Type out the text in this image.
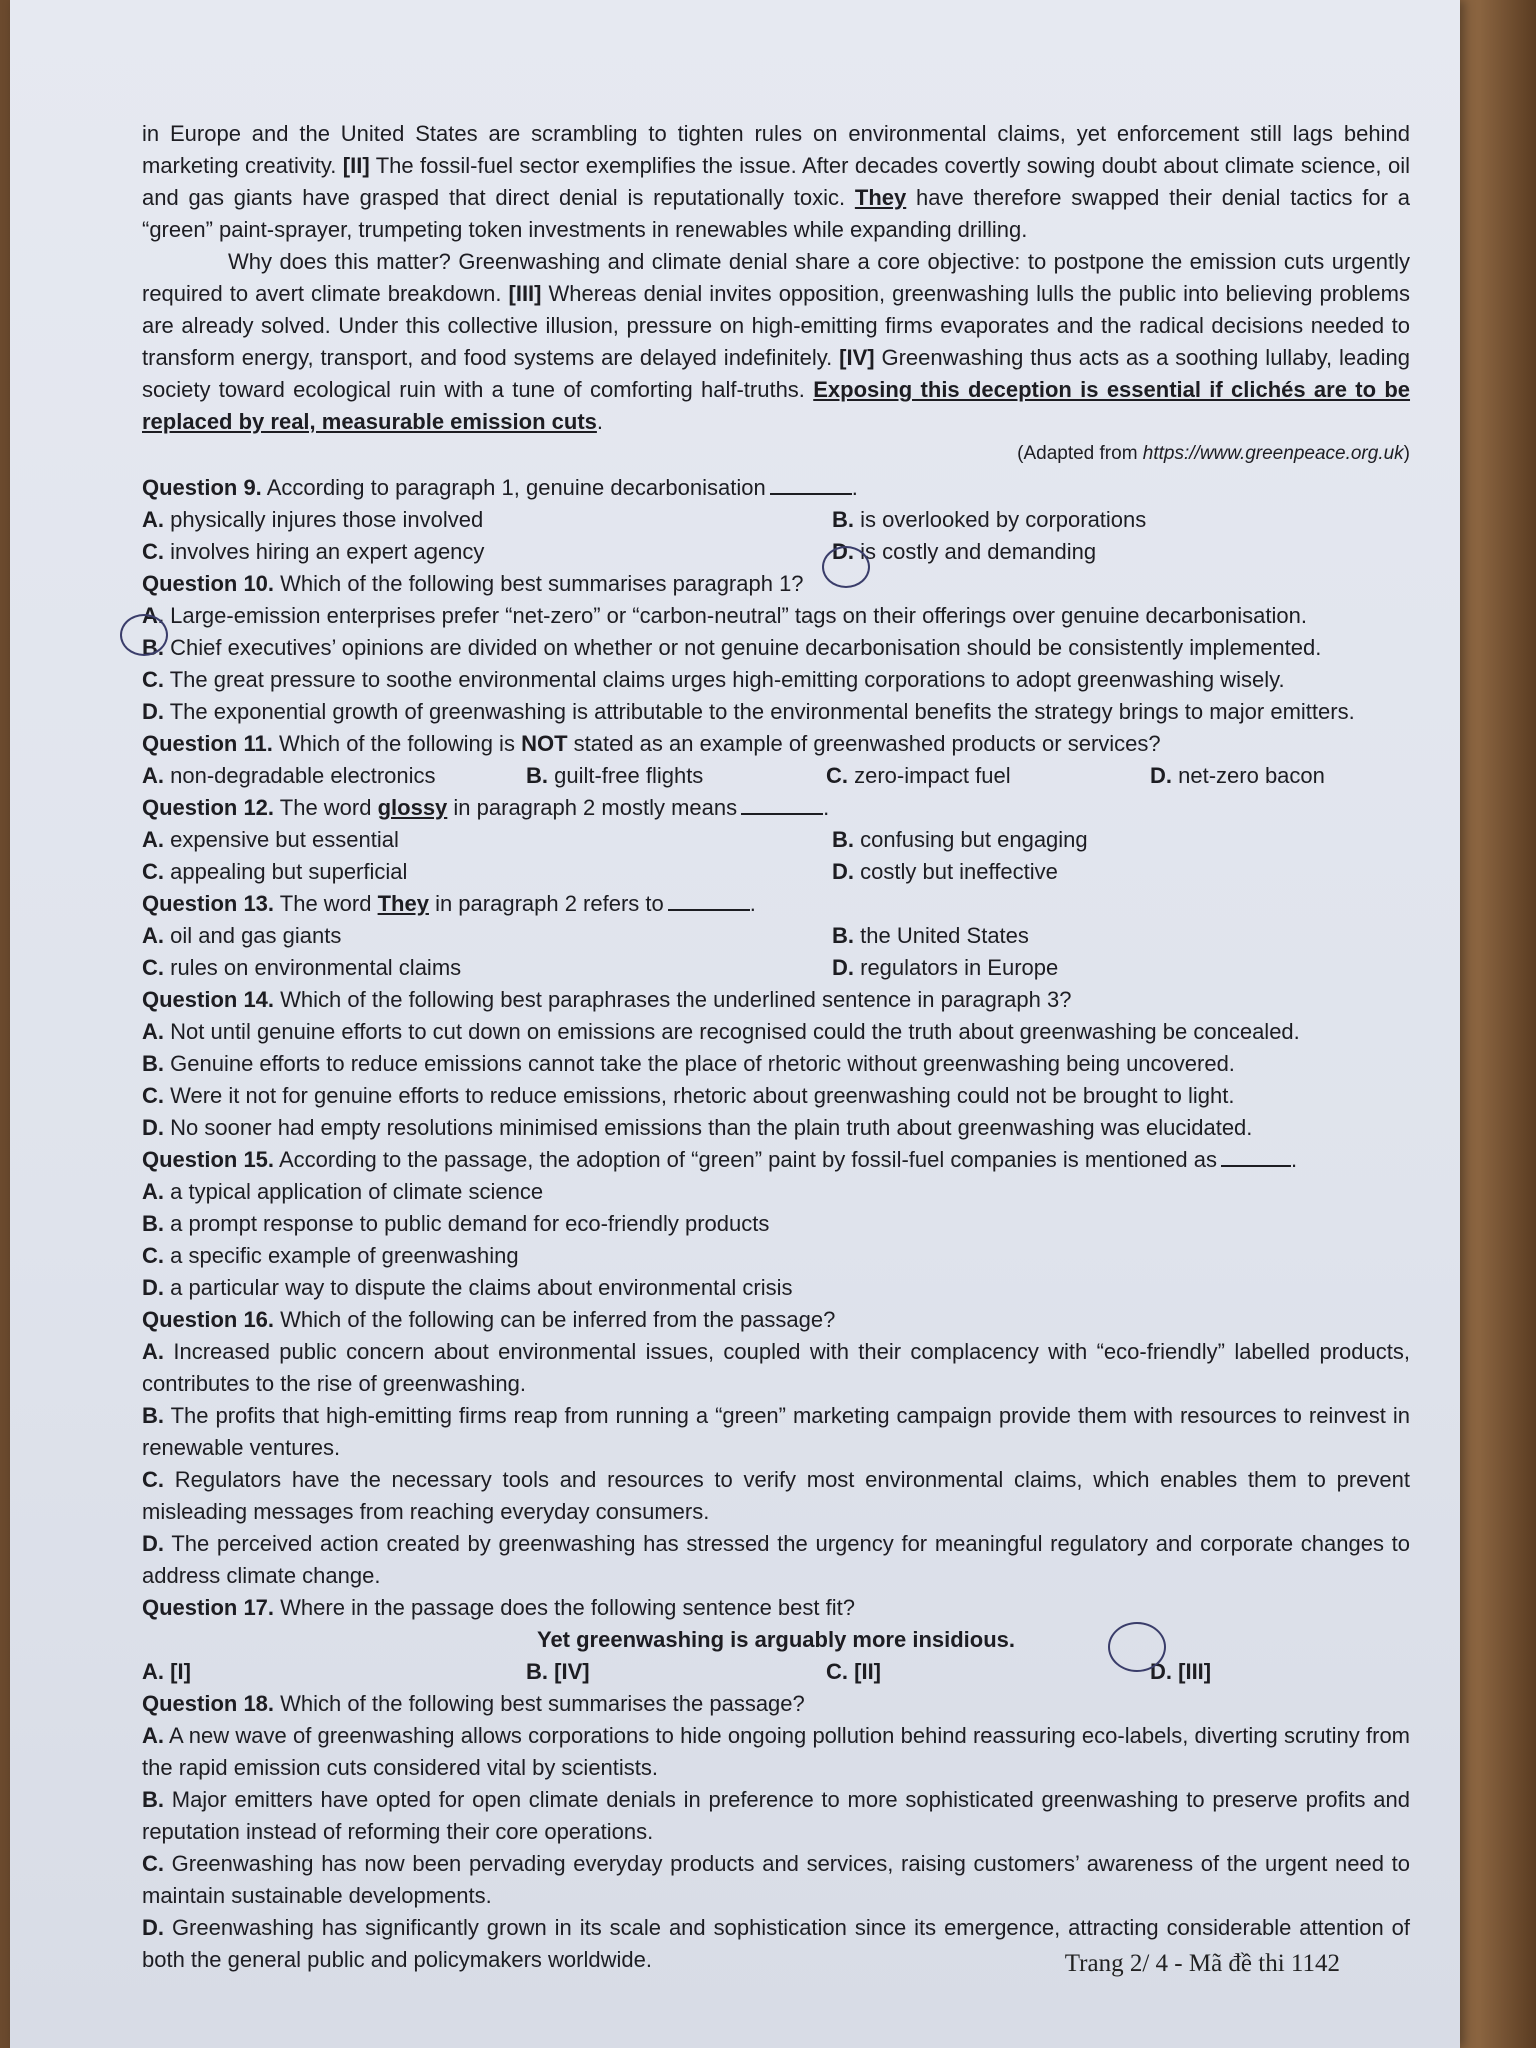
in Europe and the United States are scrambling to tighten rules on environmental claims, yet enforcement still lags behind marketing creativity. [II] The fossil-fuel sector exemplifies the issue. After decades covertly sowing doubt about climate science, oil and gas giants have grasped that direct denial is reputationally toxic. They have therefore swapped their denial tactics for a “green” paint-sprayer, trumpeting token investments in renewables while expanding drilling.

Why does this matter? Greenwashing and climate denial share a core objective: to postpone the emission cuts urgently required to avert climate breakdown. [III] Whereas denial invites opposition, greenwashing lulls the public into believing problems are already solved. Under this collective illusion, pressure on high-emitting firms evaporates and the radical decisions needed to transform energy, transport, and food systems are delayed indefinitely. [IV] Greenwashing thus acts as a soothing lullaby, leading society toward ecological ruin with a tune of comforting half-truths. Exposing this deception is essential if clichés are to be replaced by real, measurable emission cuts.

(Adapted from https://www.greenpeace.org.uk)

Question 9. According to paragraph 1, genuine decarbonisation	.

A. physically injures those involved	B. is overlooked by corporations
C. involves hiring an expert agency	D. is costly and demanding

Question 10. Which of the following best summarises paragraph 1?

A. Large-emission enterprises prefer “net-zero” or “carbon-neutral” tags on their offerings over genuine decarbonisation.
B. Chief executives’ opinions are divided on whether or not genuine decarbonisation should be consistently implemented.
C. The great pressure to soothe environmental claims urges high-emitting corporations to adopt greenwashing wisely.
D. The exponential growth of greenwashing is attributable to the environmental benefits the strategy brings to major emitters.

Question 11. Which of the following is NOT stated as an example of greenwashed products or services?

A. non-degradable electronics	B. guilt-free flights	C. zero-impact fuel	D. net-zero bacon

Question 12. The word glossy in paragraph 2 mostly means	.

A. expensive but essential	B. confusing but engaging
C. appealing but superficial	D. costly but ineffective

Question 13. The word They in paragraph 2 refers to	.

A. oil and gas giants	B. the United States
C. rules on environmental claims	D. regulators in Europe

Question 14. Which of the following best paraphrases the underlined sentence in paragraph 3?

A. Not until genuine efforts to cut down on emissions are recognised could the truth about greenwashing be concealed.
B. Genuine efforts to reduce emissions cannot take the place of rhetoric without greenwashing being uncovered.
C. Were it not for genuine efforts to reduce emissions, rhetoric about greenwashing could not be brought to light.
D. No sooner had empty resolutions minimised emissions than the plain truth about greenwashing was elucidated.

Question 15. According to the passage, the adoption of “green” paint by fossil-fuel companies is mentioned as	.

A. a typical application of climate science
B. a prompt response to public demand for eco-friendly products
C. a specific example of greenwashing
D. a particular way to dispute the claims about environmental crisis

Question 16. Which of the following can be inferred from the passage?

A. Increased public concern about environmental issues, coupled with their complacency with “eco-friendly” labelled products, contributes to the rise of greenwashing.
B. The profits that high-emitting firms reap from running a “green” marketing campaign provide them with resources to reinvest in renewable ventures.
C. Regulators have the necessary tools and resources to verify most environmental claims, which enables them to prevent misleading messages from reaching everyday consumers.
D. The perceived action created by greenwashing has stressed the urgency for meaningful regulatory and corporate changes to address climate change.

Question 17. Where in the passage does the following sentence best fit?

Yet greenwashing is arguably more insidious.

A. [I]	B. [IV]	C. [II]	D. [III]

Question 18. Which of the following best summarises the passage?

A. A new wave of greenwashing allows corporations to hide ongoing pollution behind reassuring eco-labels, diverting scrutiny from the rapid emission cuts considered vital by scientists.
B. Major emitters have opted for open climate denials in preference to more sophisticated greenwashing to preserve profits and reputation instead of reforming their core operations.
C. Greenwashing has now been pervading everyday products and services, raising customers’ awareness of the urgent need to maintain sustainable developments.
D. Greenwashing has significantly grown in its scale and sophistication since its emergence, attracting considerable attention of both the general public and policymakers worldwide.	Trang 2/ 4 - Mã đề thi 1142
